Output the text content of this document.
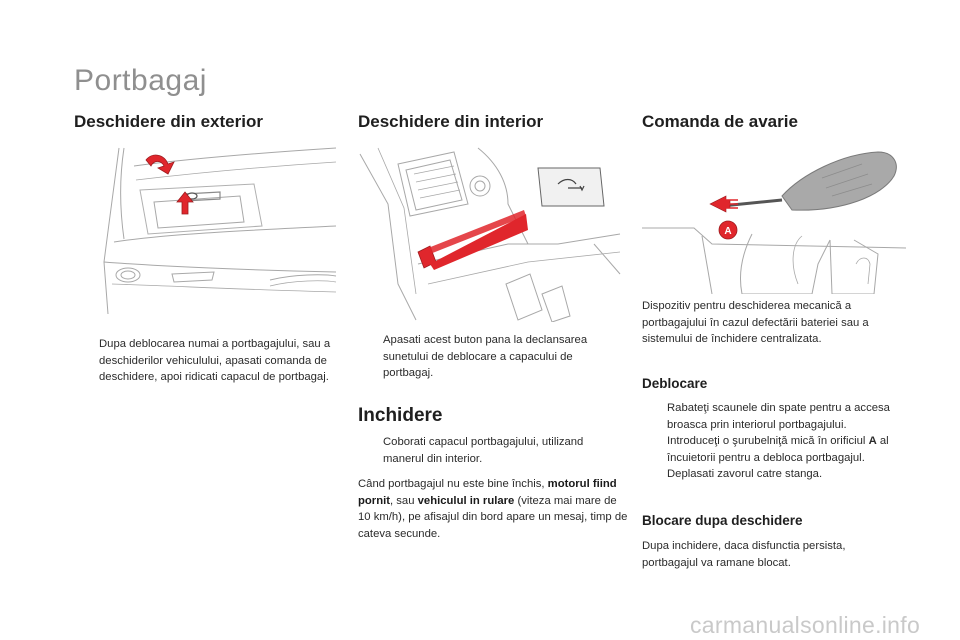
Portbagaj
Deschidere din exterior
Dupa deblocarea numai a portbagajului, sau a deschiderilor vehiculului, apasati comanda de deschidere, apoi ridicati capacul de portbagaj.
Deschidere din interior
Apasati acest buton pana la declansarea sunetului de deblocare a capacului de portbagaj.
Inchidere
Coborati capacul portbagajului, utilizand manerul din interior.

Când portbagajul nu este bine închis, motorul fiind pornit, sau vehiculul in rulare (viteza mai mare de 10 km/h), pe afisajul din bord apare un mesaj, timp de cateva secunde.

Comanda de avarie
A

Dispozitiv pentru deschiderea mecanică a portbagajului în cazul defectării bateriei sau a sistemului de închidere centralizata.

Deblocare
Rabateţi scaunele din spate pentru a accesa broasca prin interiorul portbagajului.
Introduceţi o şurubelniţă mică în orificiul A al încuietorii pentru a debloca portbagajul.
Deplasati zavorul catre stanga.
Blocare dupa deschidere

Dupa inchidere, daca disfunctia persista, portbagajul va ramane blocat.

carmanualsonline.info
